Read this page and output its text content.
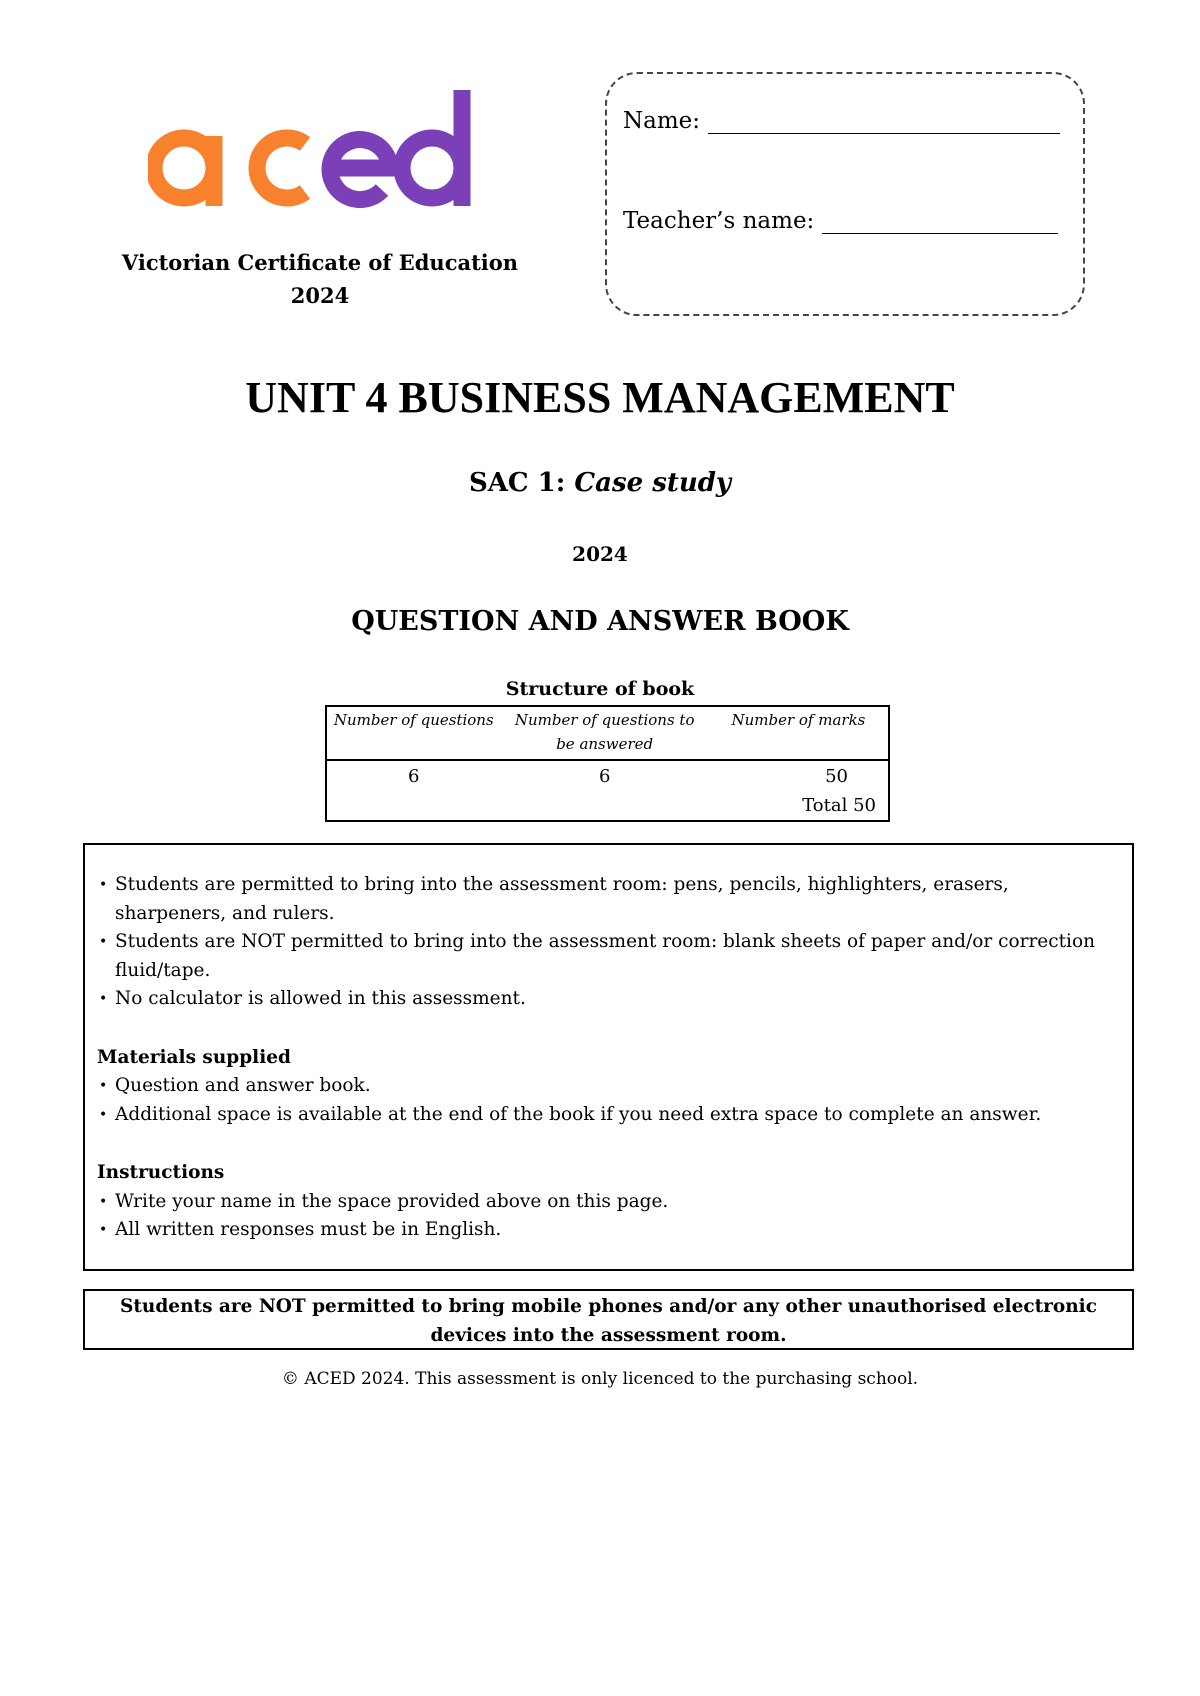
Victorian Certificate of Education
2024
Name:
Teacher’s name:
UNIT 4 BUSINESS MANAGEMENT
SAC 1: Case study
2024
QUESTION AND ANSWER BOOK
Structure of book
Number of questions	Number of questions to be answered	Number of marks
6	6	50
		Total 50
• Students are permitted to bring into the assessment room: pens, pencils, highlighters, erasers, sharpeners, and rulers.
• Students are NOT permitted to bring into the assessment room: blank sheets of paper and/or correction fluid/tape.
• No calculator is allowed in this assessment.
Materials supplied
• Question and answer book.
• Additional space is available at the end of the book if you need extra space to complete an answer.
Instructions
• Write your name in the space provided above on this page.
• All written responses must be in English.
Students are NOT permitted to bring mobile phones and/or any other unauthorised electronic devices into the assessment room.
© ACED 2024. This assessment is only licenced to the purchasing school.
